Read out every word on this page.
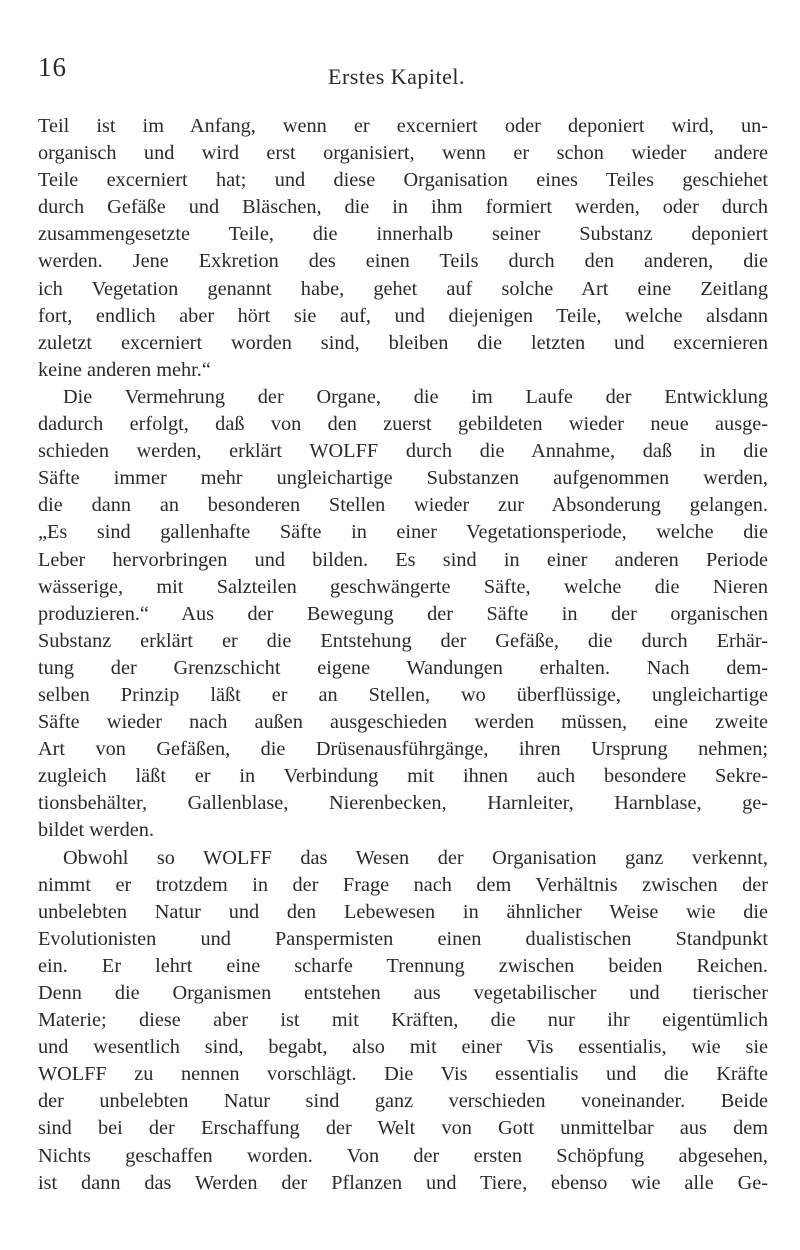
16	Erstes Kapitel.
Teil ist im Anfang, wenn er excerniert oder deponiert wird, un-
organisch und wird erst organisiert, wenn er schon wieder andere
Teile excerniert hat; und diese Organisation eines Teiles geschiehet
durch Gefäße und Bläschen, die in ihm formiert werden, oder durch
zusammengesetzte Teile, die innerhalb seiner Substanz deponiert
werden. Jene Exkretion des einen Teils durch den anderen, die
ich Vegetation genannt habe, gehet auf solche Art eine Zeitlang
fort, endlich aber hört sie auf, und diejenigen Teile, welche alsdann
zuletzt excerniert worden sind, bleiben die letzten und excernieren
keine anderen mehr.“
Die Vermehrung der Organe, die im Laufe der Entwicklung
dadurch erfolgt, daß von den zuerst gebildeten wieder neue ausge-
schieden werden, erklärt WOLFF durch die Annahme, daß in die
Säfte immer mehr ungleichartige Substanzen aufgenommen werden,
die dann an besonderen Stellen wieder zur Absonderung gelangen.
„Es sind gallenhafte Säfte in einer Vegetationsperiode, welche die
Leber hervorbringen und bilden. Es sind in einer anderen Periode
wässerige, mit Salzteilen geschwängerte Säfte, welche die Nieren
produzieren.“ Aus der Bewegung der Säfte in der organischen
Substanz erklärt er die Entstehung der Gefäße, die durch Erhär-
tung der Grenzschicht eigene Wandungen erhalten. Nach dem-
selben Prinzip läßt er an Stellen, wo überflüssige, ungleichartige
Säfte wieder nach außen ausgeschieden werden müssen, eine zweite
Art von Gefäßen, die Drüsenausführgänge, ihren Ursprung nehmen;
zugleich läßt er in Verbindung mit ihnen auch besondere Sekre-
tionsbehälter, Gallenblase, Nierenbecken, Harnleiter, Harnblase, ge-
bildet werden.
Obwohl so WOLFF das Wesen der Organisation ganz verkennt,
nimmt er trotzdem in der Frage nach dem Verhältnis zwischen der
unbelebten Natur und den Lebewesen in ähnlicher Weise wie die
Evolutionisten und Panspermisten einen dualistischen Standpunkt
ein. Er lehrt eine scharfe Trennung zwischen beiden Reichen.
Denn die Organismen entstehen aus vegetabilischer und tierischer
Materie; diese aber ist mit Kräften, die nur ihr eigentümlich
und wesentlich sind, begabt, also mit einer Vis essentialis, wie sie
WOLFF zu nennen vorschlägt. Die Vis essentialis und die Kräfte
der unbelebten Natur sind ganz verschieden voneinander. Beide
sind bei der Erschaffung der Welt von Gott unmittelbar aus dem
Nichts geschaffen worden. Von der ersten Schöpfung abgesehen,
ist dann das Werden der Pflanzen und Tiere, ebenso wie alle Ge-
